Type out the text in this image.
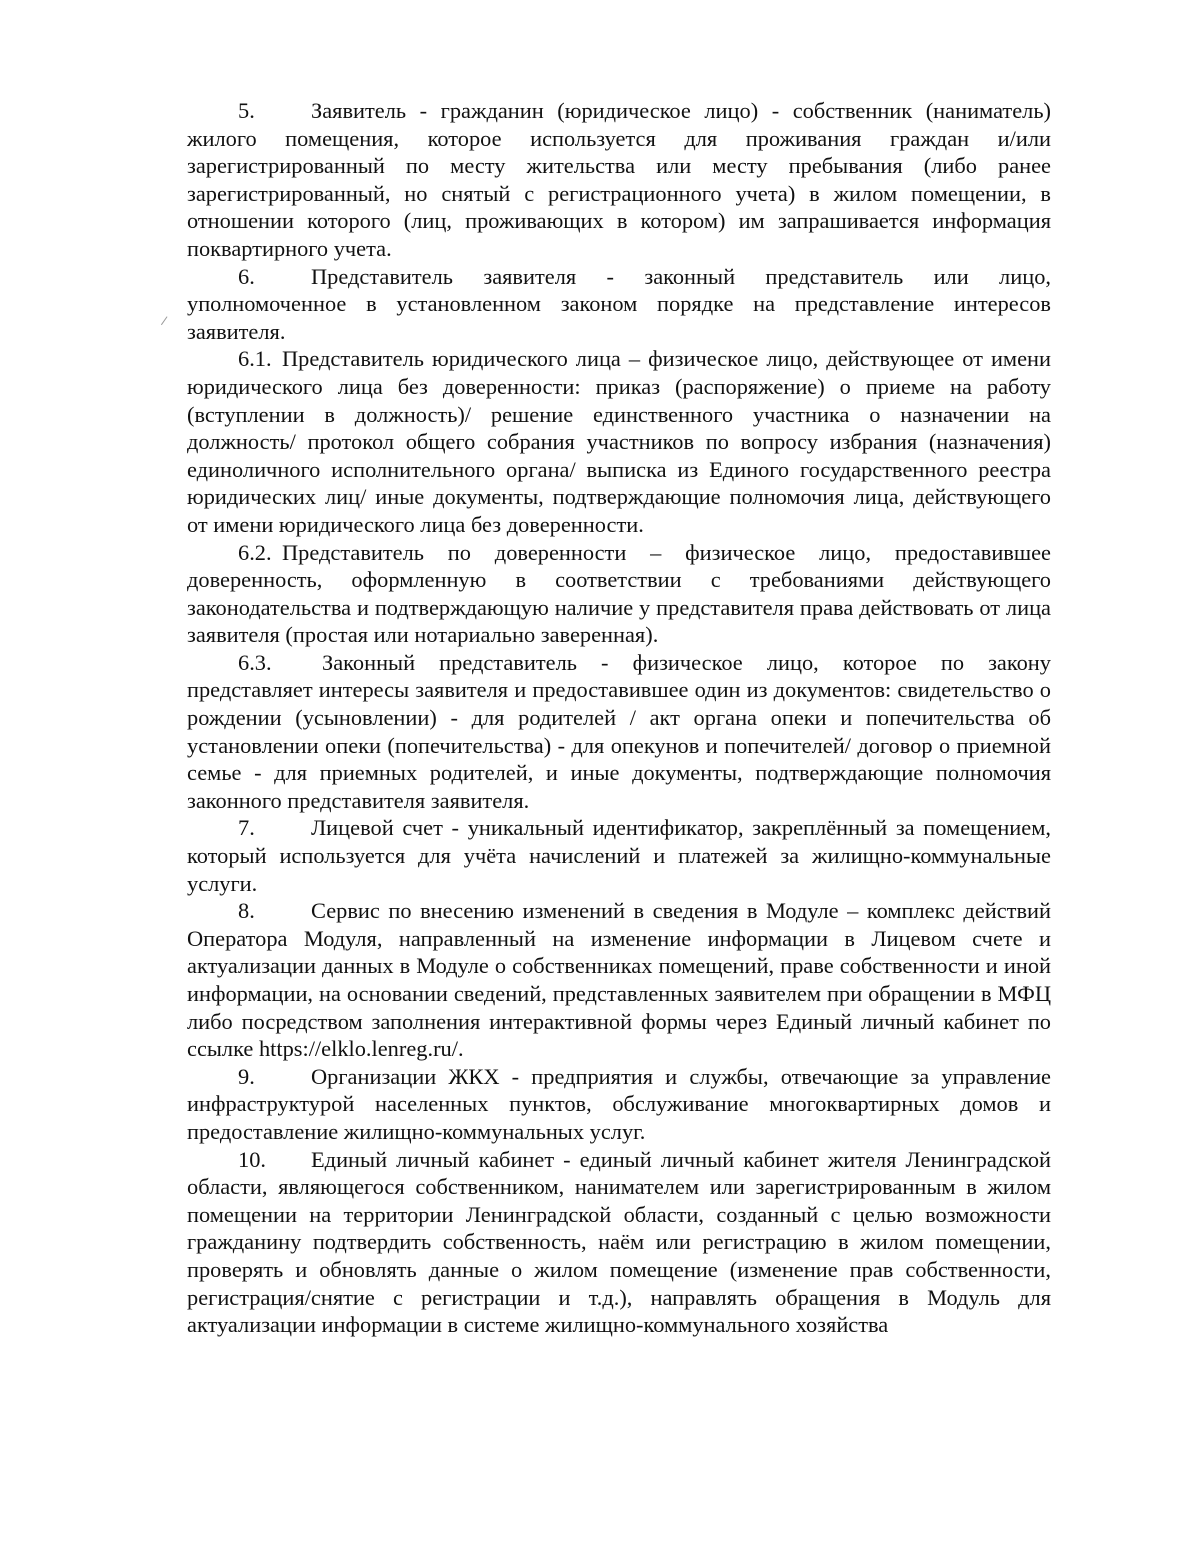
5.	Заявитель - гражданин (юридическое лицо) - собственник (наниматель) жилого помещения, которое используется для проживания граждан и/или зарегистрированный по месту жительства или месту пребывания (либо ранее зарегистрированный, но снятый с регистрационного учета) в жилом помещении, в отношении которого (лиц, проживающих в котором) им запрашивается информация поквартирного учета.

6.	Представитель заявителя - законный представитель или лицо, уполномоченное в установленном законом порядке на представление интересов заявителя.

6.1. Представитель юридического лица – физическое лицо, действующее от имени юридического лица без доверенности: приказ (распоряжение) о приеме на работу (вступлении в должность)/ решение единственного участника о назначении на должность/ протокол общего собрания участников по вопросу избрания (назначения) единоличного исполнительного органа/ выписка из Единого государственного реестра юридических лиц/ иные документы, подтверждающие полномочия лица, действующего от имени юридического лица без доверенности.

6.2. Представитель по доверенности – физическое лицо, предоставившее доверенность, оформленную в соответствии с требованиями действующего законодательства и подтверждающую наличие у представителя права действовать от лица заявителя (простая или нотариально заверенная).

6.3. Законный представитель - физическое лицо, которое по закону представляет интересы заявителя и предоставившее один из документов: свидетельство о рождении (усыновлении) - для родителей / акт органа опеки и попечительства об установлении опеки (попечительства) - для опекунов и попечителей/ договор о приемной семье - для приемных родителей, и иные документы, подтверждающие полномочия законного представителя заявителя.

7.	Лицевой счет - уникальный идентификатор, закреплённый за помещением, который используется для учёта начислений и платежей за жилищно-коммунальные услуги.

8.	Сервис по внесению изменений в сведения в Модуле – комплекс действий Оператора Модуля, направленный на изменение информации в Лицевом счете и актуализации данных в Модуле о собственниках помещений, праве собственности и иной информации, на основании сведений, представленных заявителем при обращении в МФЦ либо посредством заполнения интерактивной формы через Единый личный кабинет по ссылке https://elklo.lenreg.ru/.

9.	Организации ЖКХ - предприятия и службы, отвечающие за управление инфраструктурой населенных пунктов, обслуживание многоквартирных домов и предоставление жилищно-коммунальных услуг.

10. Единый личный кабинет - единый личный кабинет жителя Ленинградской области, являющегося собственником, нанимателем или зарегистрированным в жилом помещении на территории Ленинградской области, созданный с целью возможности гражданину подтвердить собственность, наём или регистрацию в жилом помещении, проверять и обновлять данные о жилом помещение (изменение прав собственности, регистрация/снятие с регистрации и т.д.), направлять обращения в Модуль для актуализации информации в системе жилищно-коммунального хозяйства
